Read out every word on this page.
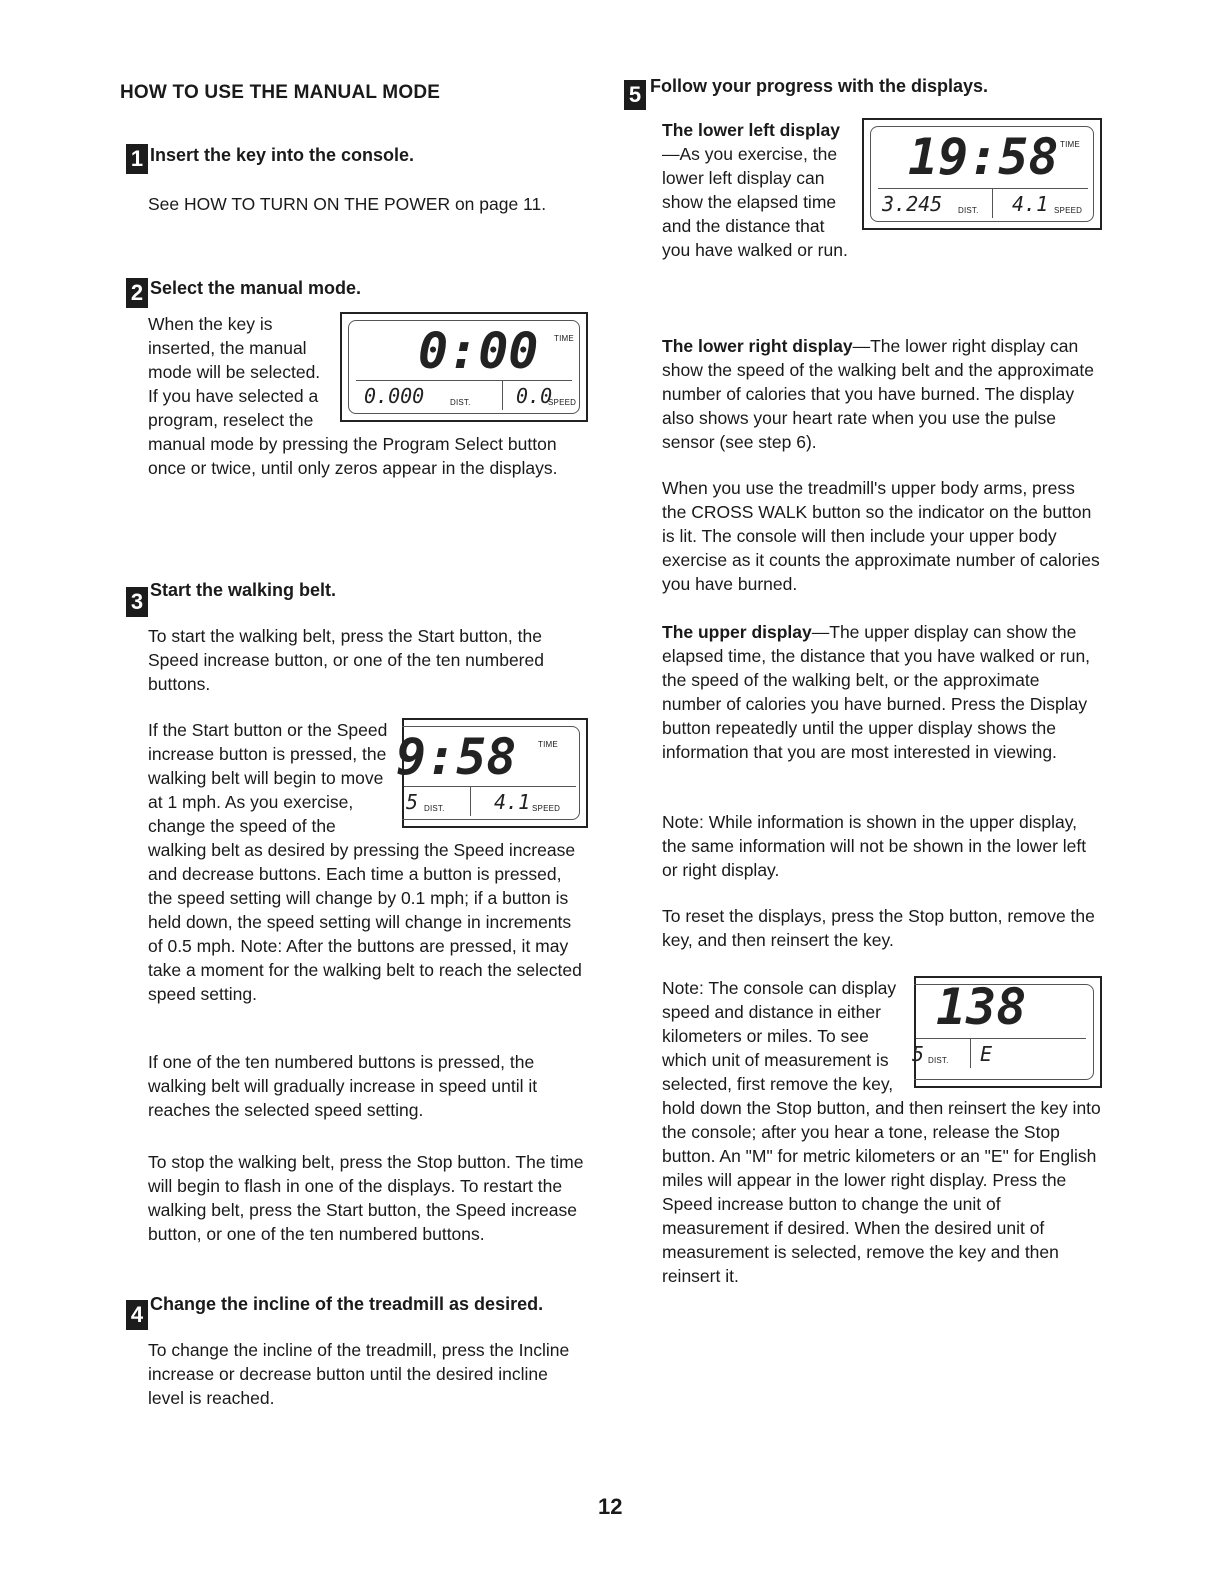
HOW TO USE THE MANUAL MODE
1 Insert the key into the console.

See HOW TO TURN ON THE POWER on page 11.

2 Select the manual mode.
0:00 TIME
0.000	DIST. 0.0
SPEED

When the key is inserted, the manual mode will be selected. If you have selected a program, reselect the manual mode by pressing the Program Select button once or twice, until only zeros appear in the displays.

3 Start the walking belt.

To start the walking belt, press the Start button, the Speed increase button, or one of the ten numbered buttons.

9:58	TIME
5 DIST. 4.1 SPEED

If the Start button or the Speed increase button is pressed, the walking belt will begin to move at 1 mph. As you exercise, change the speed of the walking belt as desired by pressing the Speed increase and decrease buttons. Each time a button is pressed, the speed setting will change by 0.1 mph; if a button is held down, the speed setting will change in increments of 0.5 mph. Note: After the buttons are pressed, it may take a moment for the walking belt to reach the selected speed setting.

If one of the ten numbered buttons is pressed, the walking belt will gradually increase in speed until it reaches the selected speed setting.

To stop the walking belt, press the Stop button. The time will begin to flash in one of the displays. To restart the walking belt, press the Start button, the Speed increase button, or one of the ten numbered buttons.

4 Change the incline of the treadmill as desired.

To change the incline of the treadmill, press the Incline increase or decrease button until the desired incline level is reached.

5 Follow your progress with the displays.
19:58 TIME
3.245 DIST. 4.1 SPEED

The lower left display—As you exercise, the lower left display can show the elapsed time and the distance that you have walked or run.

The lower right display—The lower right display can show the speed of the walking belt and the approximate number of calories that you have burned. The display also shows your heart rate when you use the pulse sensor (see step 6).

When you use the treadmill's upper body arms, press the CROSS WALK button so the indicator on the button is lit. The console will then include your upper body exercise as it counts the approximate number of calories you have burned.

The upper display—The upper display can show the elapsed time, the distance that you have walked or run, the speed of the walking belt, or the approximate number of calories you have burned. Press the Display button repeatedly until the upper display shows the information that you are most interested in viewing.

Note: While information is shown in the upper display, the same information will not be shown in the lower left or right display.

To reset the displays, press the Stop button, remove the key, and then reinsert the key.

138
5 DIST. E

Note: The console can display speed and distance in either kilometers or miles. To see which unit of measurement is selected, first remove the key, hold down the Stop button, and then reinsert the key into the console; after you hear a tone, release the Stop button. An "M" for metric kilometers or an "E" for English miles will appear in the lower right display. Press the Speed increase button to change the unit of measurement if desired. When the desired unit of measurement is selected, remove the key and then reinsert it.

12
